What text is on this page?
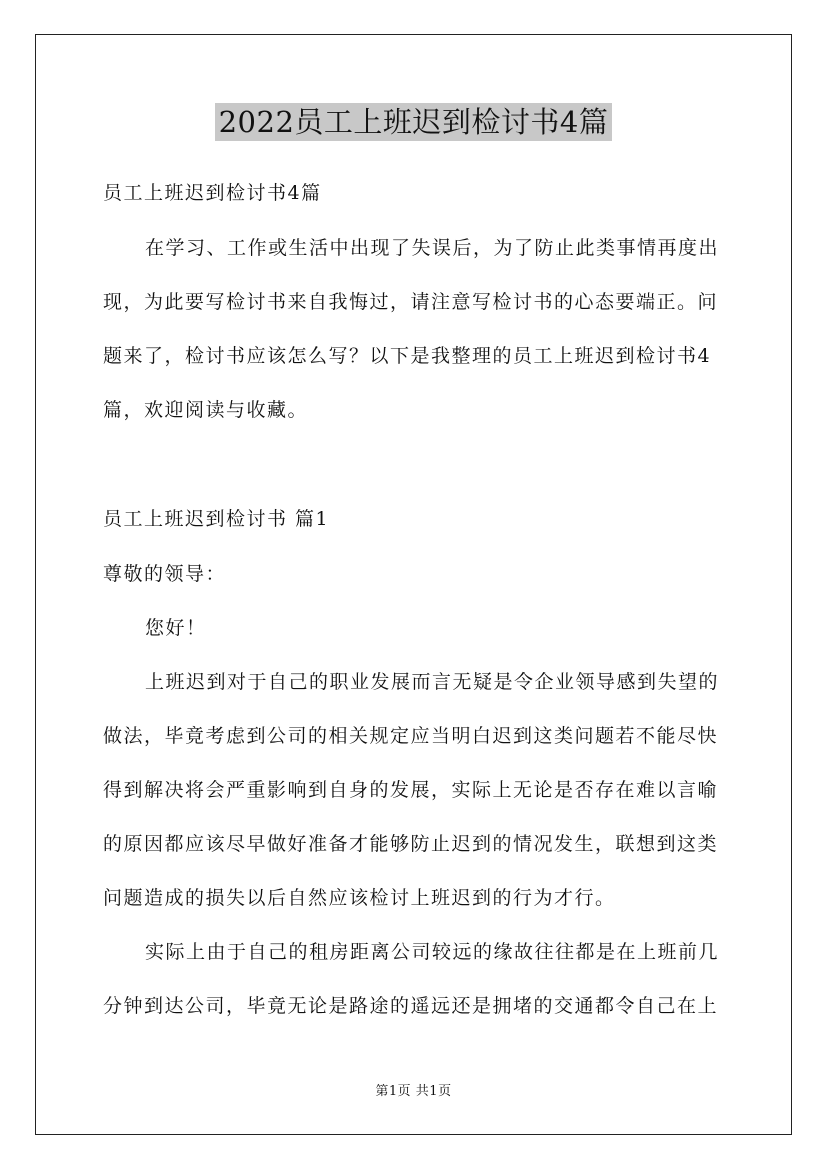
2022员工上班迟到检讨书4篇
员工上班迟到检讨书4篇
在学习、工作或生活中出现了失误后，为了防止此类事情再度出
现，为此要写检讨书来自我悔过，请注意写检讨书的心态要端正。问
题来了，检讨书应该怎么写？以下是我整理的员工上班迟到检讨书4
篇，欢迎阅读与收藏。
员工上班迟到检讨书 篇1
尊敬的领导：
您好！
上班迟到对于自己的职业发展而言无疑是令企业领导感到失望的
做法，毕竟考虑到公司的相关规定应当明白迟到这类问题若不能尽快
得到解决将会严重影响到自身的发展，实际上无论是否存在难以言喻
的原因都应该尽早做好准备才能够防止迟到的情况发生，联想到这类
问题造成的损失以后自然应该检讨上班迟到的行为才行。
实际上由于自己的租房距离公司较远的缘故往往都是在上班前几
分钟到达公司，毕竟无论是路途的遥远还是拥堵的交通都令自己在上
第1页 共1页
